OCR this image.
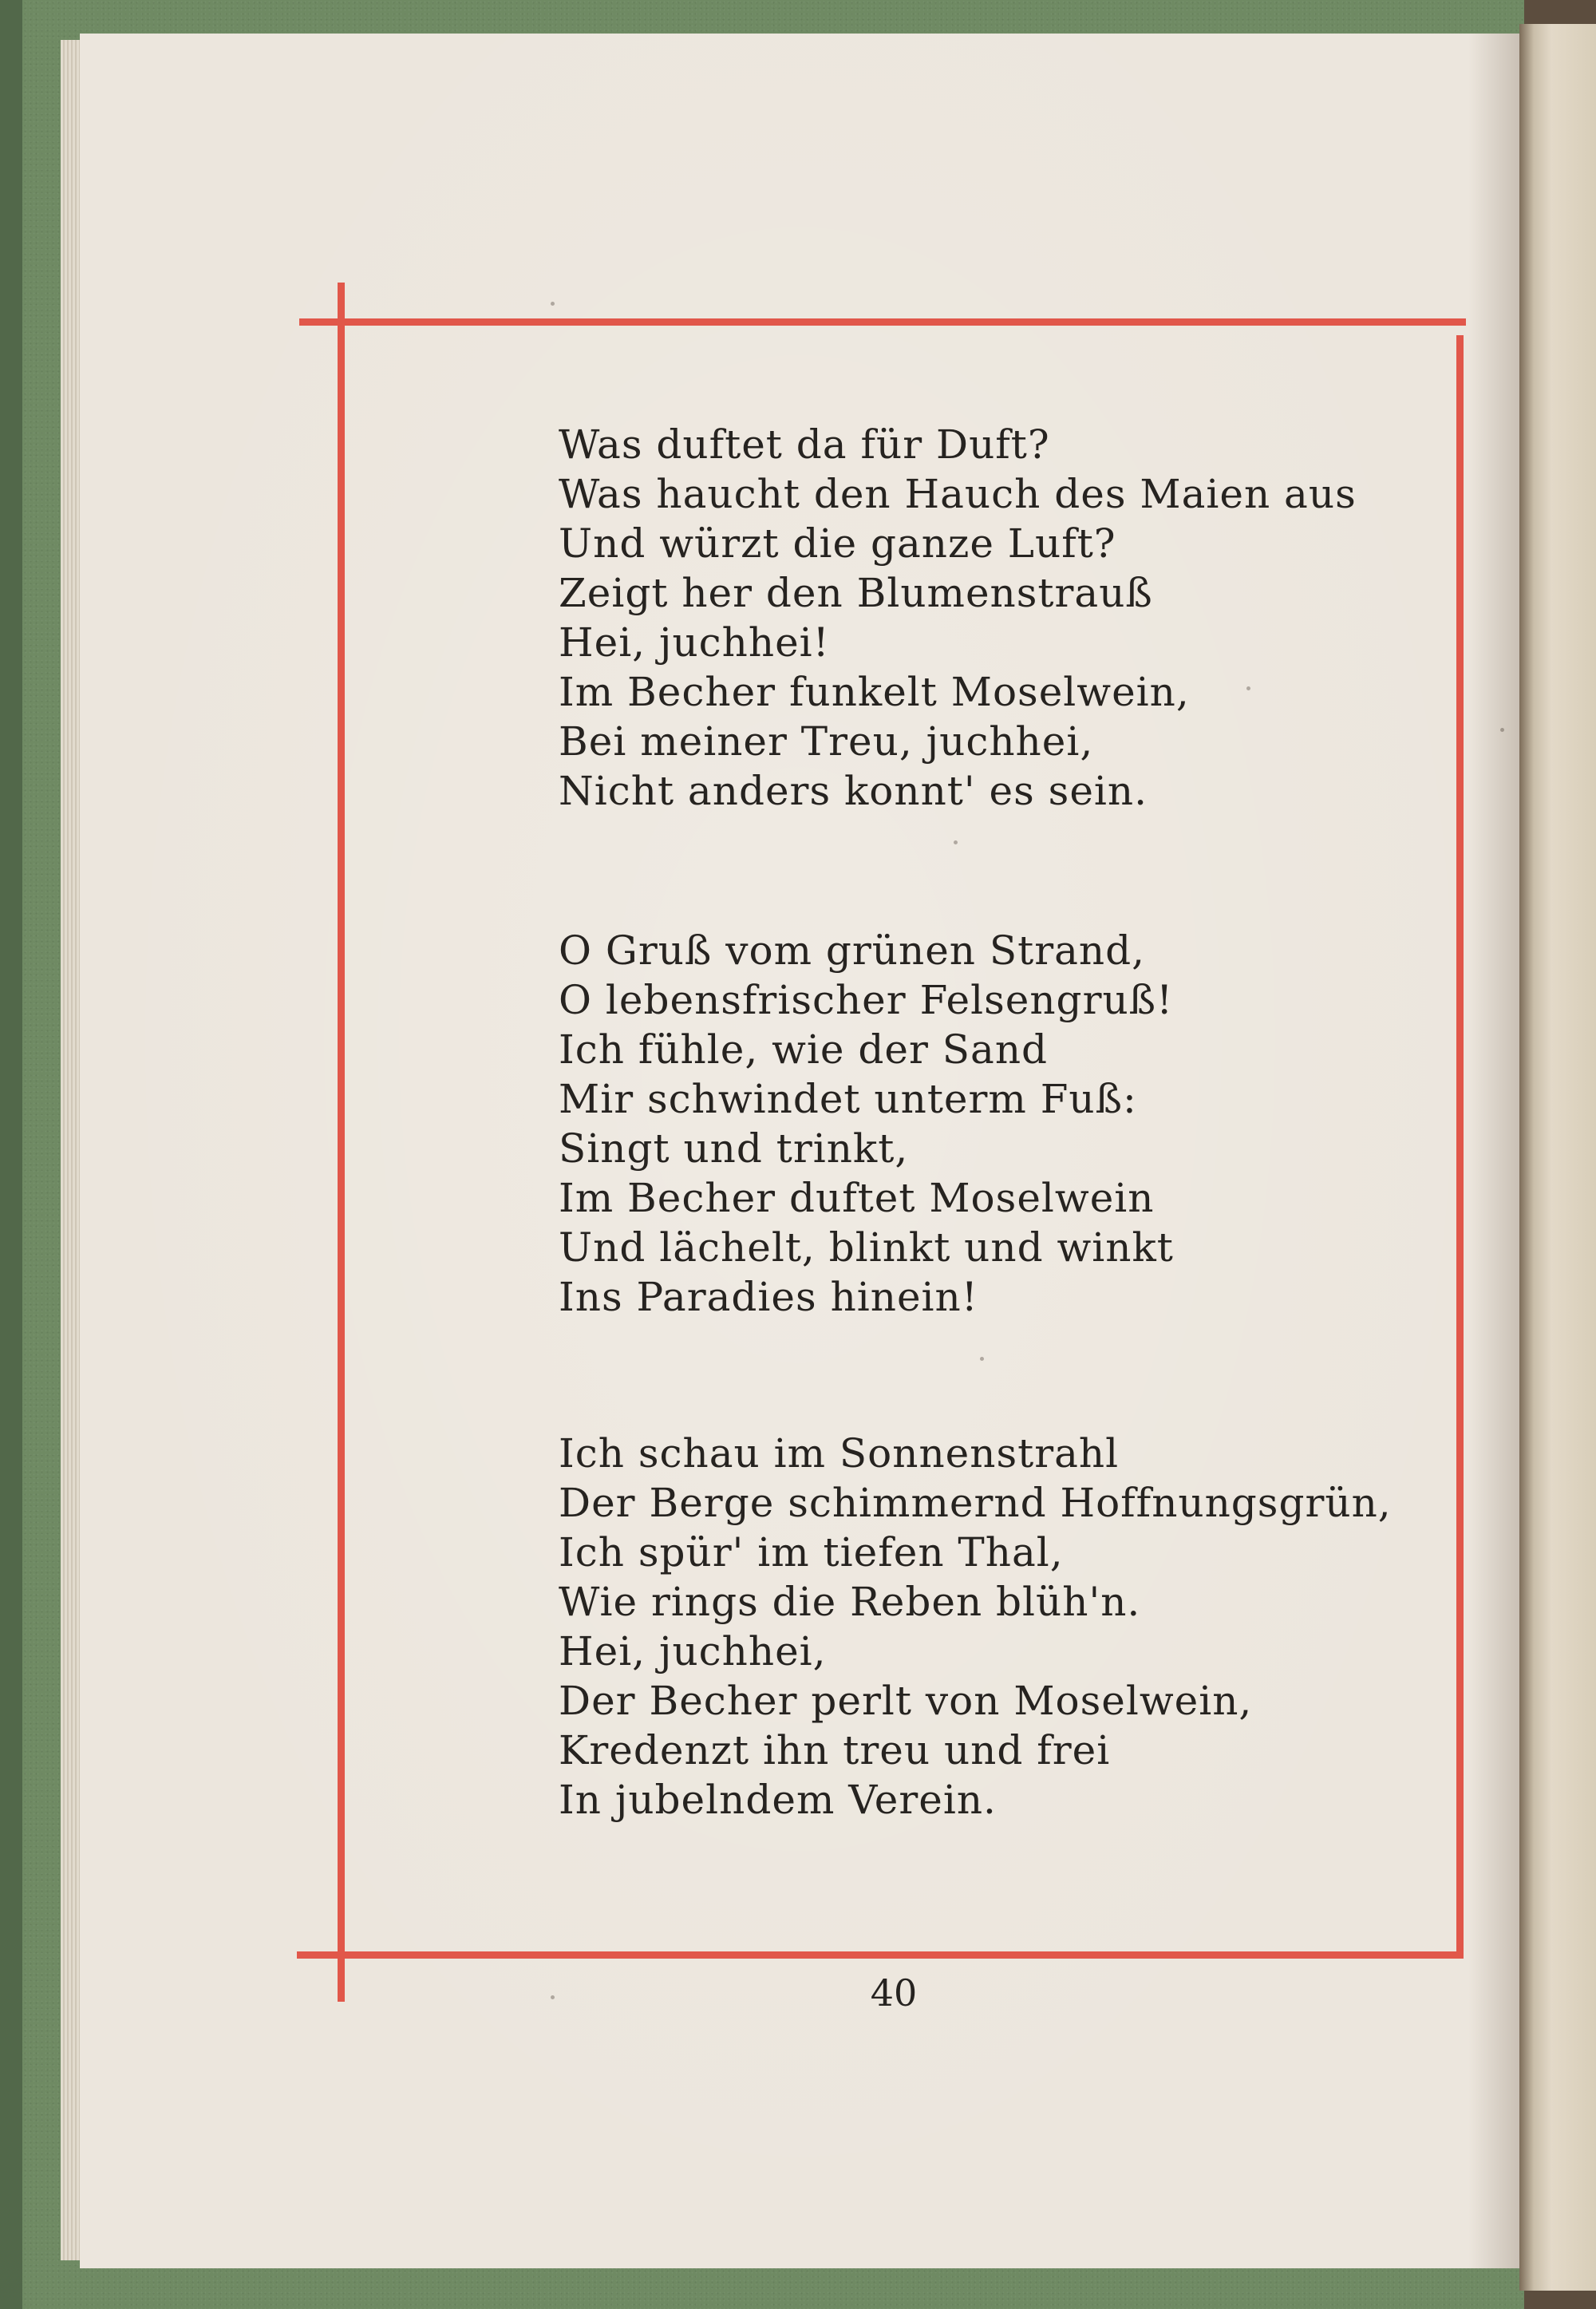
Was duftet da für Duft?
Was haucht den Hauch des Maien aus
Und würzt die ganze Luft?
Zeigt her den Blumenstrauß
Hei, juchhei!
Im Becher funkelt Moselwein,
Bei meiner Treu, juchhei,
Nicht anders konnt' es sein.
O Gruß vom grünen Strand,
O lebensfrischer Felsengruß!
Ich fühle, wie der Sand
Mir schwindet unterm Fuß:
Singt und trinkt,
Im Becher duftet Moselwein
Und lächelt, blinkt und winkt
Ins Paradies hinein!
Ich schau im Sonnenstrahl
Der Berge schimmernd Hoffnungsgrün,
Ich spür' im tiefen Thal,
Wie rings die Reben blüh'n.
Hei, juchhei,
Der Becher perlt von Moselwein,
Kredenzt ihn treu und frei
In jubelndem Verein.
40
